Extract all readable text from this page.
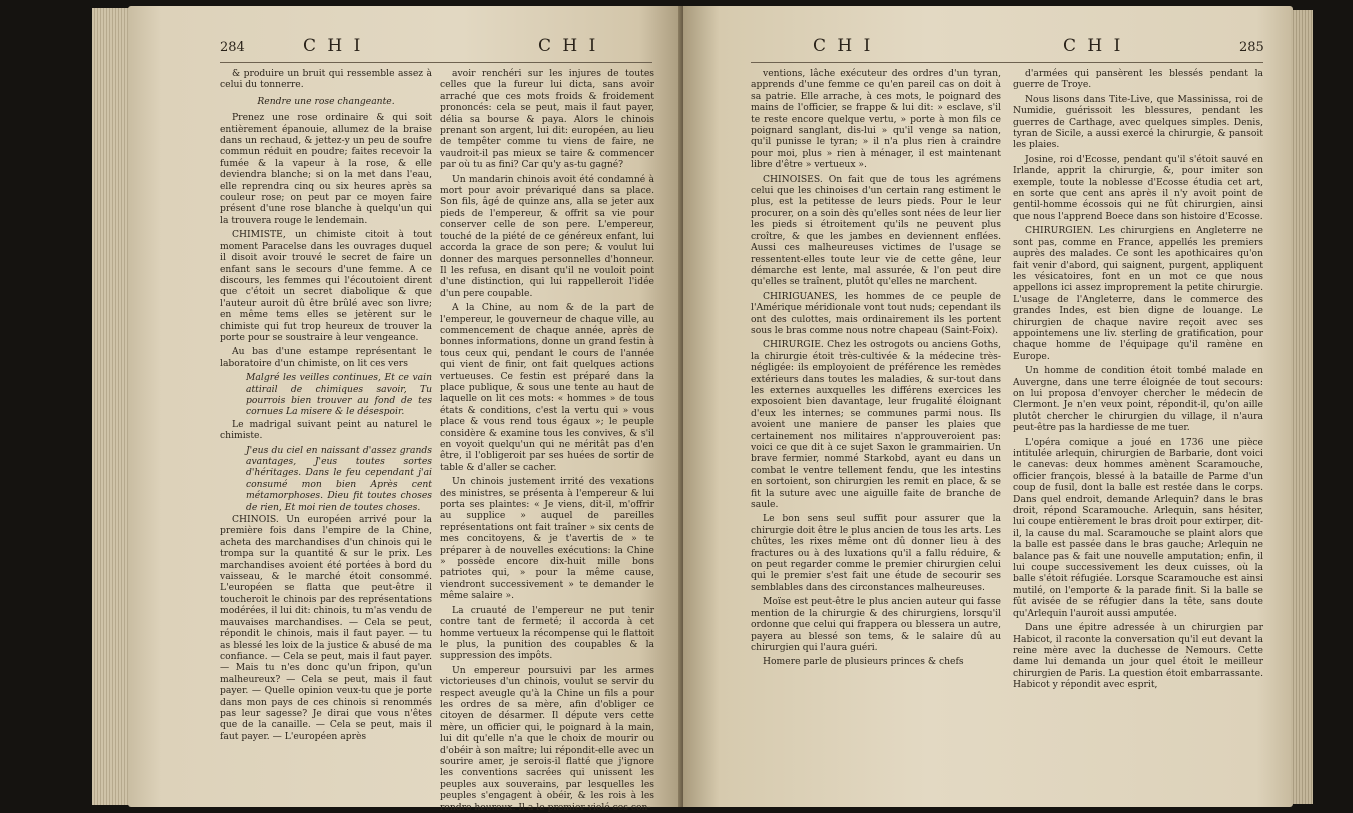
284	C H I	C H I

& produire un bruit qui ressemble assez à celui du tonnerre.

Rendre une rose changeante.

Prenez une rose ordinaire & qui soit entièrement épanouie, allumez de la braise dans un rechaud, & jettez-y un peu de soufre commun réduit en poudre; faites recevoir la fumée & la vapeur à la rose, & elle deviendra blanche; si on la met dans l'eau, elle reprendra cinq ou six heures après sa couleur rose; on peut par ce moyen faire présent d'une rose blanche à quelqu'un qui la trouvera rouge le lendemain.

CHIMISTE, un chimiste citoit à tout moment Paracelse dans les ouvrages duquel il disoit avoir trouvé le secret de faire un enfant sans le secours d'une femme. A ce discours, les femmes qui l'écoutoient dirent que c'étoit un secret diabolique & que l'auteur auroit dû être brûlé avec son livre; en même tems elles se jetèrent sur le chimiste qui fut trop heureux de trouver la porte pour se soustraire à leur vengeance.

Au bas d'une estampe représentant le laboratoire d'un chimiste, on lit ces vers

Malgré les veilles continues, Et ce vain attirail de chimiques savoir, Tu pourrois bien trouver au fond de tes cornues La misere & le désespoir.

Le madrigal suivant peint au naturel le chimiste.

J'eus du ciel en naissant d'assez grands avantages, J'eus toutes sortes d'héritages. Dans le feu cependant j'ai consumé mon bien Après cent métamorphoses. Dieu fit toutes choses de rien, Et moi rien de toutes choses.

CHINOIS. Un européen arrivé pour la première fois dans l'empire de la Chine, acheta des marchandises d'un chinois qui le trompa sur la quantité & sur le prix. Les marchandises avoient été portées à bord du vaisseau, & le marché étoit consommé. L'européen se flatta que peut-être il toucheroit le chinois par des représentations modérées, il lui dit: chinois, tu m'as vendu de mauvaises marchandises. — Cela se peut, répondit le chinois, mais il faut payer. — tu as blessé les loix de la justice & abusé de ma confiance. — Cela se peut, mais il faut payer. — Mais tu n'es donc qu'un fripon, qu'un malheureux? — Cela se peut, mais il faut payer. — Quelle opinion veux-tu que je porte dans mon pays de ces chinois si renommés pas leur sagesse? Je dirai que vous n'êtes que de la canaille. — Cela se peut, mais il faut payer. — L'européen après

avoir renchéri sur les injures de toutes celles que la fureur lui dicta, sans avoir arraché que ces mots froids & froidement prononcés: cela se peut, mais il faut payer, délia sa bourse & paya. Alors le chinois prenant son argent, lui dit: européen, au lieu de tempêter comme tu viens de faire, ne vaudroit-il pas mieux se taire & commencer par où tu as fini? Car qu'y as-tu gagné?

Un mandarin chinois avoit été condamné à mort pour avoir prévariqué dans sa place. Son fils, âgé de quinze ans, alla se jeter aux pieds de l'empereur, & offrit sa vie pour conserver celle de son pere. L'empereur, touché de la piété de ce généreux enfant, lui accorda la grace de son pere; & voulut lui donner des marques personnelles d'honneur. Il les refusa, en disant qu'il ne vouloit point d'une distinction, qui lui rappelleroit l'idée d'un pere coupable.

A la Chine, au nom & de la part de l'empereur, le gouverneur de chaque ville, au commencement de chaque année, après de bonnes informations, donne un grand festin à tous ceux qui, pendant le cours de l'année qui vient de finir, ont fait quelques actions vertueuses. Ce festin est préparé dans la place publique, & sous une tente au haut de laquelle on lit ces mots: « hommes » de tous états & conditions, c'est la vertu qui » vous place & vous rend tous égaux »; le peuple considère & examine tous les convives, & s'il en voyoit quelqu'un qui ne méritât pas d'en être, il l'obligeroit par ses huées de sortir de table & d'aller se cacher.

Un chinois justement irrité des vexations des ministres, se présenta à l'empereur & lui porta ses plaintes: « Je viens, dit-il, m'offrir au supplice » auquel de pareilles représentations ont fait traîner » six cents de mes concitoyens, & je t'avertis de » te préparer à de nouvelles exécutions: la Chine » possède encore dix-huit mille bons patriotes qui, » pour la même cause, viendront successivement » te demander le même salaire ».

La cruauté de l'empereur ne put tenir contre tant de fermeté; il accorda à cet homme vertueux la récompense qui le flattoit le plus, la punition des coupables & la suppression des impôts.

Un empereur poursuivi par les armes victorieuses d'un chinois, voulut se servir du respect aveugle qu'à la Chine un fils a pour les ordres de sa mère, afin d'obliger ce citoyen de désarmer. Il députe vers cette mère, un officier qui, le poignard à la main, lui dit qu'elle n'a que le choix de mourir ou d'obéir à son maître; lui répondit-elle avec un sourire amer, je serois-il flatté que j'ignore les conventions sacrées qui unissent les peuples aux souverains, par lesquelles les peuples s'engagent à obéir, & les rois à les rendre heureux. Il a le premier violé ces con-

C H I	C H I	285

ventions, lâche exécuteur des ordres d'un tyran, apprends d'une femme ce qu'en pareil cas on doit à sa patrie. Elle arrache, à ces mots, le poignard des mains de l'officier, se frappe & lui dit: » esclave, s'il te reste encore quelque vertu, » porte à mon fils ce poignard sanglant, dis-lui » qu'il venge sa nation, qu'il punisse le tyran; » il n'a plus rien à craindre pour moi, plus » rien à ménager, il est maintenant libre d'être » vertueux ».

CHINOISES. On fait que de tous les agrémens celui que les chinoises d'un certain rang estiment le plus, est la petitesse de leurs pieds. Pour le leur procurer, on a soin dès qu'elles sont nées de leur lier les pieds si étroitement qu'ils ne peuvent plus croître, & que les jambes en deviennent enflées. Aussi ces malheureuses victimes de l'usage se ressentent-elles toute leur vie de cette gêne, leur démarche est lente, mal assurée, & l'on peut dire qu'elles se traînent, plutôt qu'elles ne marchent.

CHIRIGUANES, les hommes de ce peuple de l'Amérique méridionale vont tout nuds; cependant ils ont des culottes, mais ordinairement ils les portent sous le bras comme nous notre chapeau (Saint-Foix).

CHIRURGIE. Chez les ostrogots ou anciens Goths, la chirurgie étoit très-cultivée & la médecine très-négligée: ils employoient de préférence les remèdes extérieurs dans toutes les maladies, & sur-tout dans les externes auxquelles les différens exercices les exposoient bien davantage, leur frugalité éloignant d'eux les internes; se communes parmi nous. Ils avoient une maniere de panser les plaies que certainement nos militaires n'approuveroient pas: voici ce que dit à ce sujet Saxon le grammairien. Un brave fermier, nommé Starkobd, ayant eu dans un combat le ventre tellement fendu, que les intestins en sortoient, son chirurgien les remit en place, & se fit la suture avec une aiguille faite de branche de saule.

Le bon sens seul suffit pour assurer que la chirurgie doit être le plus ancien de tous les arts. Les chûtes, les rixes même ont dû donner lieu à des fractures ou à des luxations qu'il a fallu réduire, & on peut regarder comme le premier chirurgien celui qui le premier s'est fait une étude de secourir ses semblables dans des circonstances malheureuses.

Moïse est peut-être le plus ancien auteur qui fasse mention de la chirurgie & des chirurgiens, lorsqu'il ordonne que celui qui frappera ou blessera un autre, payera au blessé son tems, & le salaire dû au chirurgien qui l'aura guéri.

Homere parle de plusieurs princes & chefs

d'armées qui pansèrent les blessés pendant la guerre de Troye.

Nous lisons dans Tite-Live, que Massinissa, roi de Numidie, guérissoit les blessures, pendant les guerres de Carthage, avec quelques simples. Denis, tyran de Sicile, a aussi exercé la chirurgie, & pansoit les plaies.

Josine, roi d'Ecosse, pendant qu'il s'étoit sauvé en Irlande, apprit la chirurgie, &, pour imiter son exemple, toute la noblesse d'Ecosse étudia cet art, en sorte que cent ans après il n'y avoit point de gentil-homme écossois qui ne fût chirurgien, ainsi que nous l'apprend Boece dans son histoire d'Ecosse.

CHIRURGIEN. Les chirurgiens en Angleterre ne sont pas, comme en France, appellés les premiers auprès des malades. Ce sont les apothicaires qu'on fait venir d'abord, qui saignent, purgent, appliquent les vésicatoires, font en un mot ce que nous appellons ici assez improprement la petite chirurgie. L'usage de l'Angleterre, dans le commerce des grandes Indes, est bien digne de louange. Le chirurgien de chaque navire reçoit avec ses appointemens une liv. sterling de gratification, pour chaque homme de l'équipage qu'il ramène en Europe.

Un homme de condition étoit tombé malade en Auvergne, dans une terre éloignée de tout secours: on lui proposa d'envoyer chercher le médecin de Clermont. Je n'en veux point, répondit-il, qu'on aille plutôt chercher le chirurgien du village, il n'aura peut-être pas la hardiesse de me tuer.

L'opéra comique a joué en 1736 une pièce intitulée arlequin, chirurgien de Barbarie, dont voici le canevas: deux hommes amènent Scaramouche, officier françois, blessé à la bataille de Parme d'un coup de fusil, dont la balle est restée dans le corps. Dans quel endroit, demande Arlequin? dans le bras droit, répond Scaramouche. Arlequin, sans hésiter, lui coupe entièrement le bras droit pour extirper, dit-il, la cause du mal. Scaramouche se plaint alors que la balle est passée dans le bras gauche; Arlequin ne balance pas & fait une nouvelle amputation; enfin, il lui coupe successivement les deux cuisses, où la balle s'étoit réfugiée. Lorsque Scaramouche est ainsi mutilé, on l'emporte & la parade finit. Si la balle se fût avisée de se réfugier dans la tête, sans doute qu'Arlequin l'auroit aussi amputée.

Dans une épitre adressée à un chirurgien par Habicot, il raconte la conversation qu'il eut devant la reine mère avec la duchesse de Nemours. Cette dame lui demanda un jour quel étoit le meilleur chirurgien de Paris. La question étoit embarrassante. Habicot y répondit avec esprit,
